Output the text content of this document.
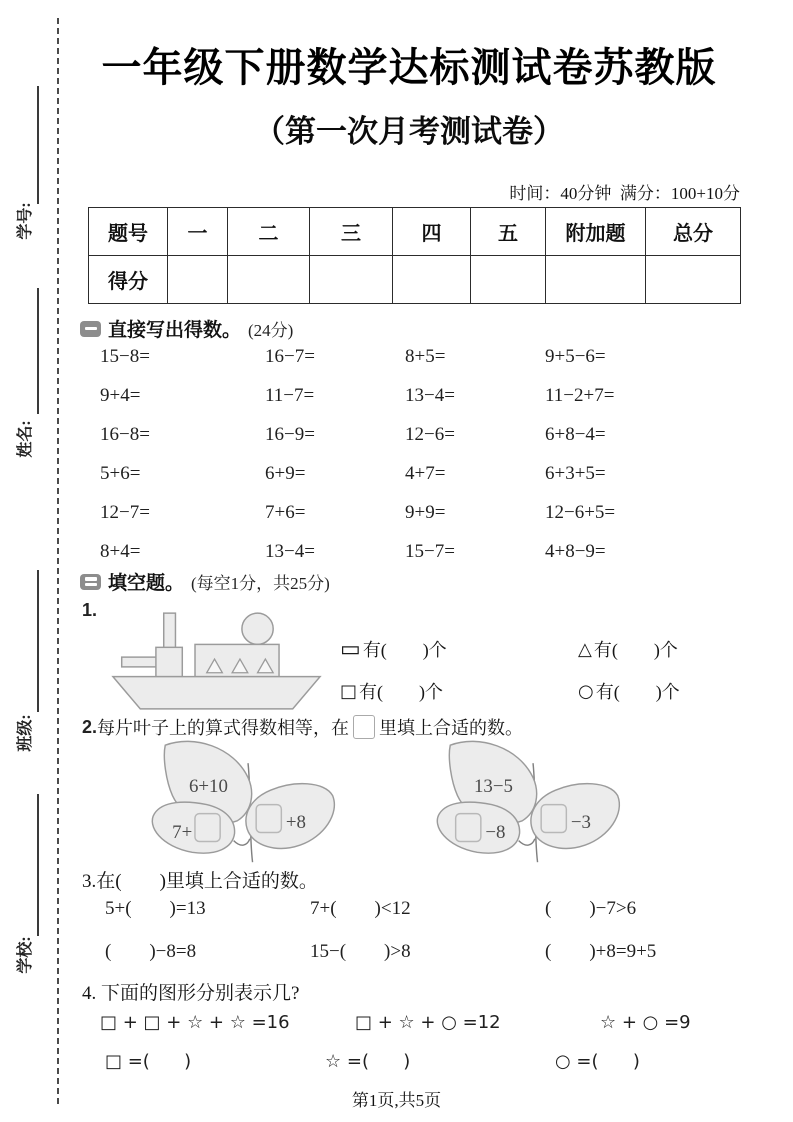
学号:
姓名:
班级:
学校:
一年级下册数学达标测试卷苏教版
（第一次月考测试卷）
时间：40分钟  满分：100+10分
题号	一	二	三	四	五	附加题	总分
得分							
直接写出得数。 (24分)
15−8=	16−7=	8+5=	9+5−6=
9+4=	11−7=	13−4=	11−2+7=
16−8=	16−9=	12−6=	6+8−4=
5+6=	6+9=	4+7=	6+3+5=
12−7=	7+6=	9+9=	12−6+5=
8+4=	13−4=	15−7=	4+8−9=
填空题。 (每空1分，共25分)
1.
▭ 有(        )个	△ 有(        )个
□ 有(        )个	○ 有(        )个
2. 每片叶子上的算式得数相等，在 里填上合适的数。
6+10
+8
7+
13−5
−3
−8
3.在(        )里填上合适的数。
5+(        )=13	7+(        )<12	(        )−7>6
(        )−8=8	15−(        )>8	(        )+8=9+5
4. 下面的图形分别表示几?
□ + □ + ☆ + ☆ =16	□ + ☆ + ○ =12	☆ + ○ =9
□ =(      )	☆ =(      )	○ =(      )
第1页,共5页
